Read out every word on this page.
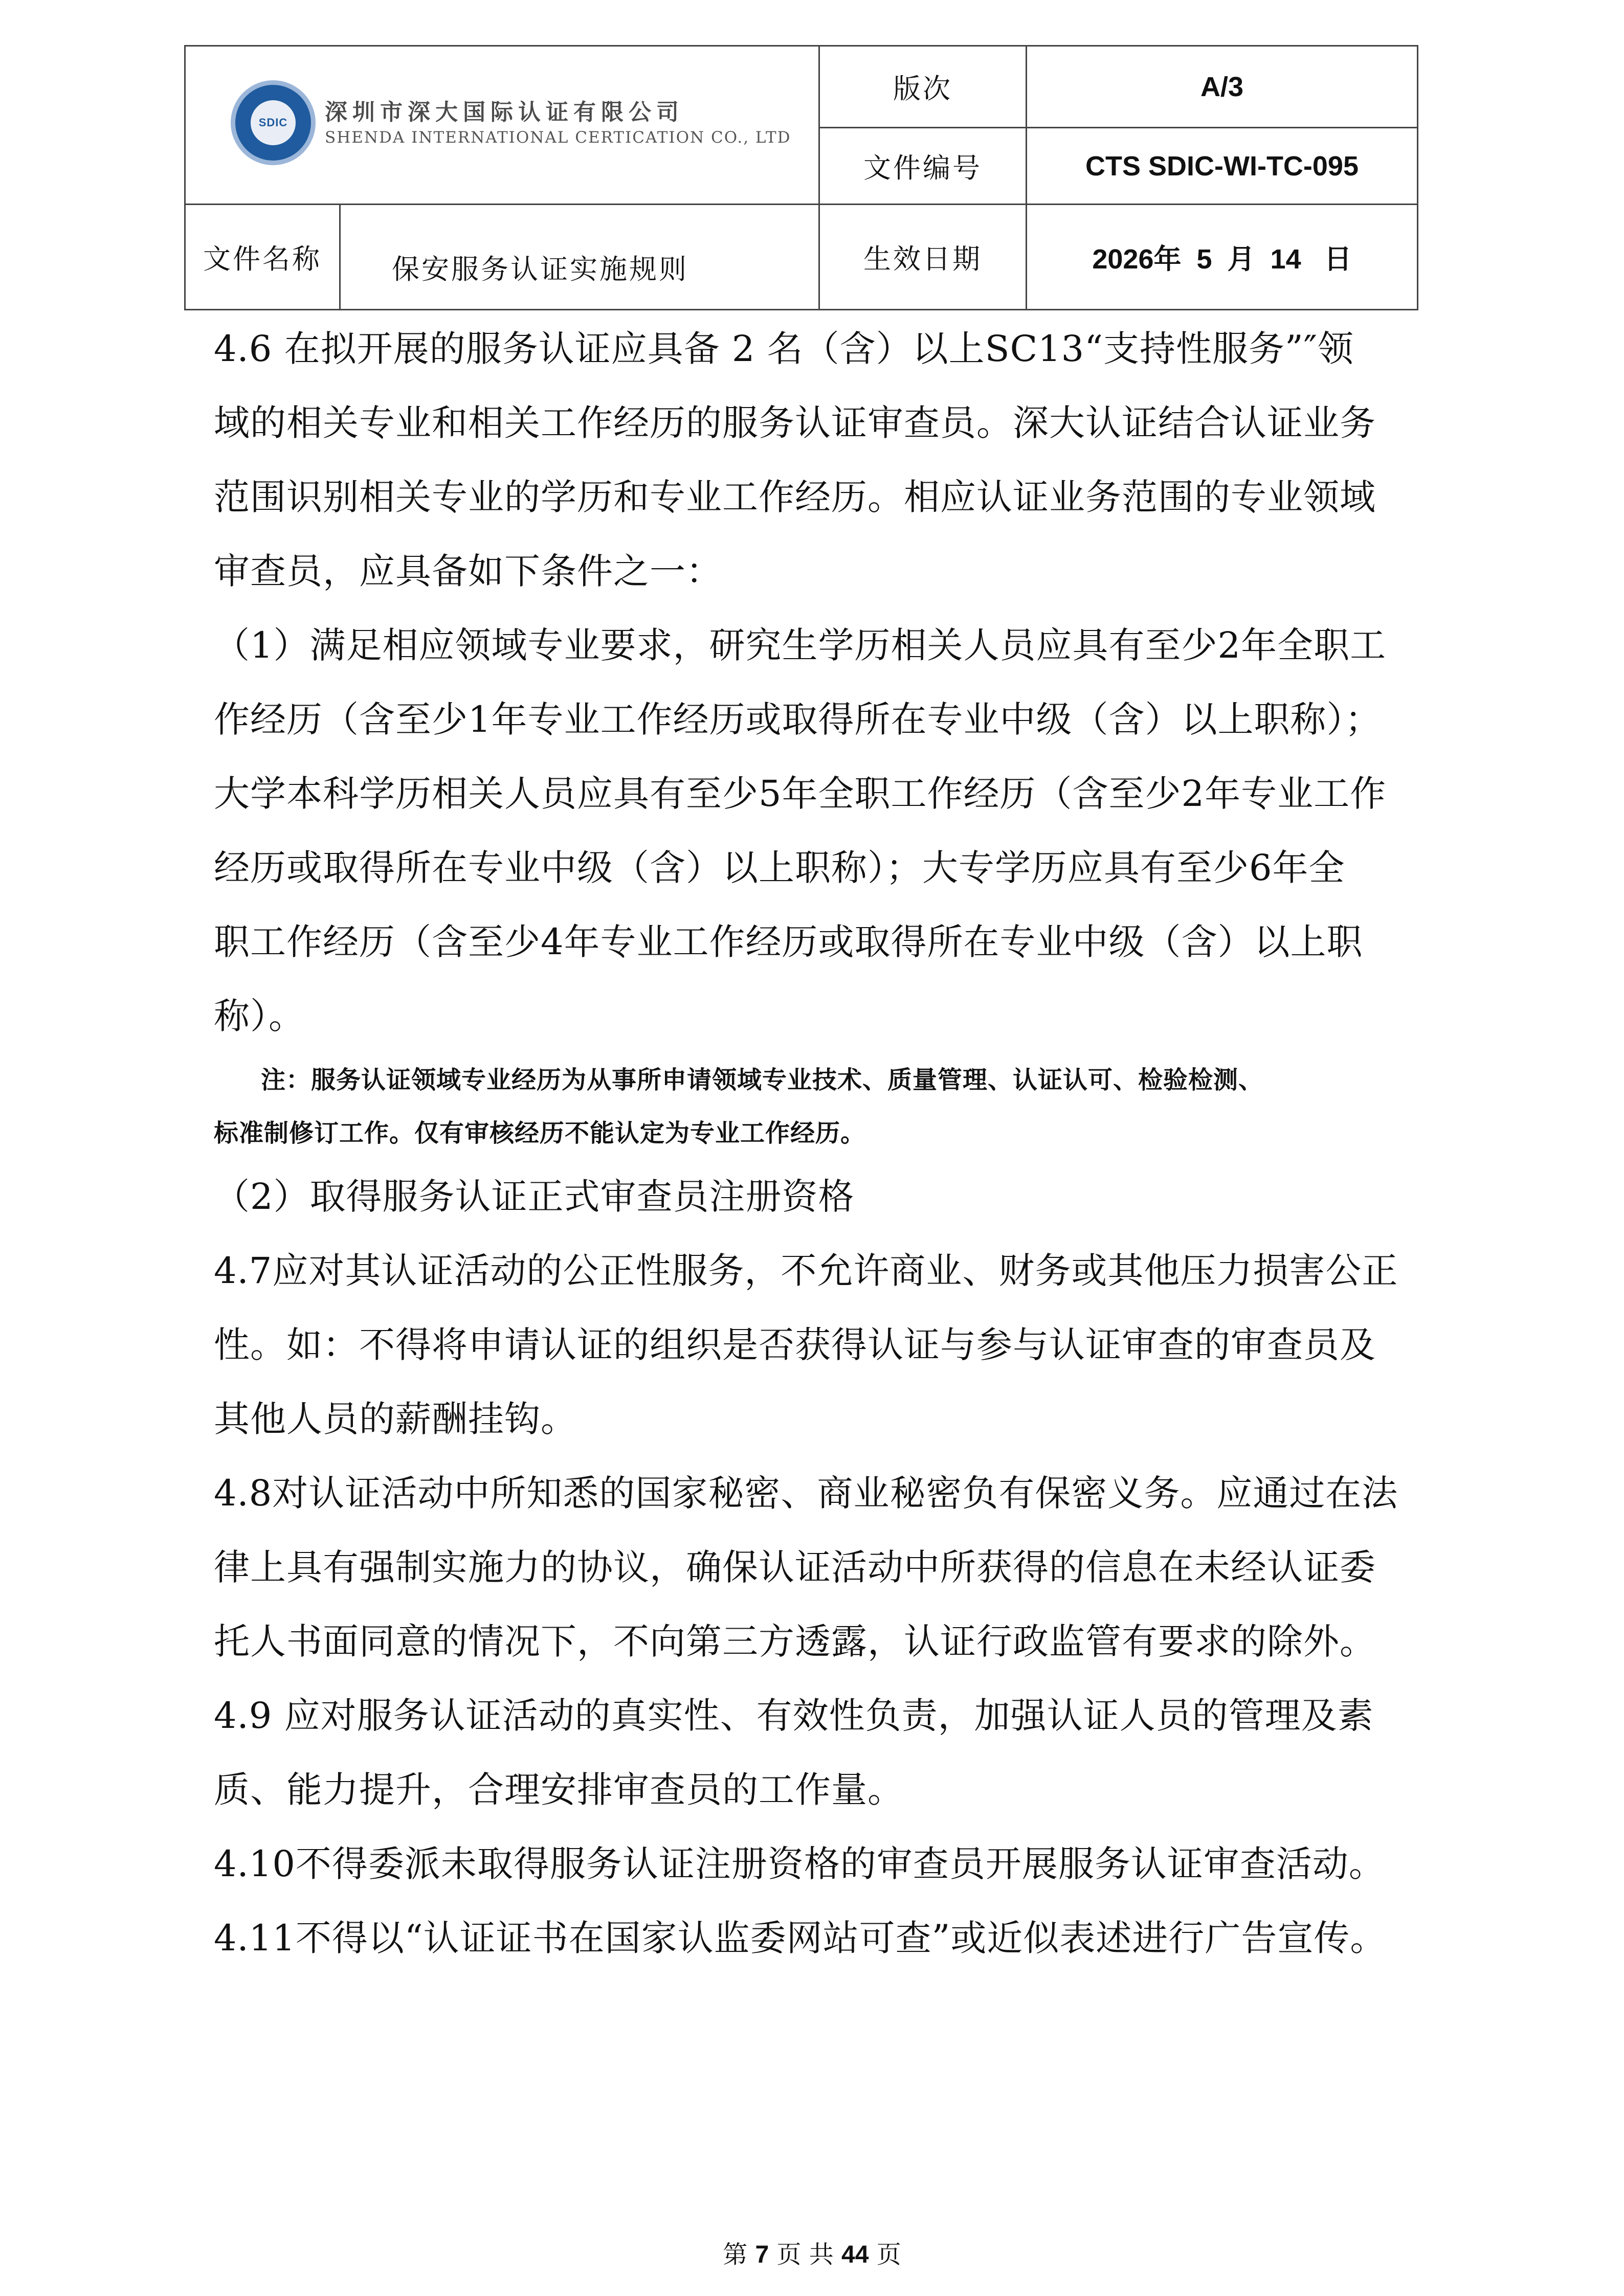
SDIC 深圳市深大国际认证有限公司
SHENDA INTERNATIONAL CERTICATION CO., LTD	版次	A/3
	文件编号	CTS SDIC-WI-TC-095

文件名称 保安服务认证实施规则	生效日期	2026年  5  月  14   日

4.6 在拟开展的服务认证应具备 2 名（含）以上SC13“支持性服务”″领

域的相关专业和相关工作经历的服务认证审查员。深大认证结合认证业务

范围识别相关专业的学历和专业工作经历。相应认证业务范围的专业领域

审查员，应具备如下条件之一：

（1）满足相应领域专业要求，研究生学历相关人员应具有至少2年全职工

作经历（含至少1年专业工作经历或取得所在专业中级（含）以上职称）；

大学本科学历相关人员应具有至少5年全职工作经历（含至少2年专业工作

经历或取得所在专业中级（含）以上职称）；大专学历应具有至少6年全

职工作经历（含至少4年专业工作经历或取得所在专业中级（含）以上职

称）。

注：服务认证领域专业经历为从事所申请领域专业技术、质量管理、认证认可、检验检测、

标准制修订工作。仅有审核经历不能认定为专业工作经历。

（2）取得服务认证正式审查员注册资格

4.7应对其认证活动的公正性服务，不允许商业、财务或其他压力损害公正

性。如：不得将申请认证的组织是否获得认证与参与认证审查的审查员及

其他人员的薪酬挂钩。

4.8对认证活动中所知悉的国家秘密、商业秘密负有保密义务。应通过在法

律上具有强制实施力的协议，确保认证活动中所获得的信息在未经认证委

托人书面同意的情况下，不向第三方透露，认证行政监管有要求的除外。

4.9 应对服务认证活动的真实性、有效性负责，加强认证人员的管理及素

质、能力提升，合理安排审查员的工作量。

4.10不得委派未取得服务认证注册资格的审查员开展服务认证审查活动。

4.11不得以“认证证书在国家认监委网站可查”或近似表述进行广告宣传。

第 7 页 共 44 页
